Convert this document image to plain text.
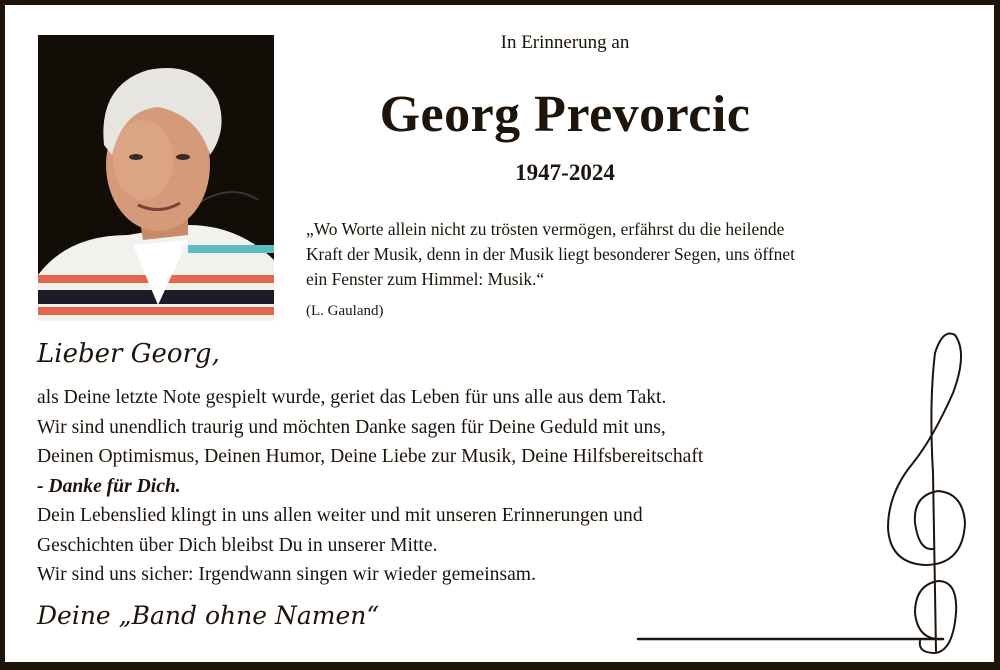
In Erinnerung an
Georg Prevorcic
1947-2024
„Wo Worte allein nicht zu trösten vermögen, erfährst du die heilende
Kraft der Musik, denn in der Musik liegt besonderer Segen, uns öffnet
ein Fenster zum Himmel: Musik.“
(L. Gauland)
Lieber Georg,

als Deine letzte Note gespielt wurde, geriet das Leben für uns alle aus dem Takt.

Wir sind unendlich traurig und möchten Danke sagen für Deine Geduld mit uns,

Deinen Optimismus, Deinen Humor, Deine Liebe zur Musik, Deine Hilfsbereitschaft

- Danke für Dich.

Dein Lebenslied klingt in uns allen weiter und mit unseren Erinnerungen und

Geschichten über Dich bleibst Du in unserer Mitte.

Wir sind uns sicher: Irgendwann singen wir wieder gemeinsam.

Deine „Band ohne Namen“
